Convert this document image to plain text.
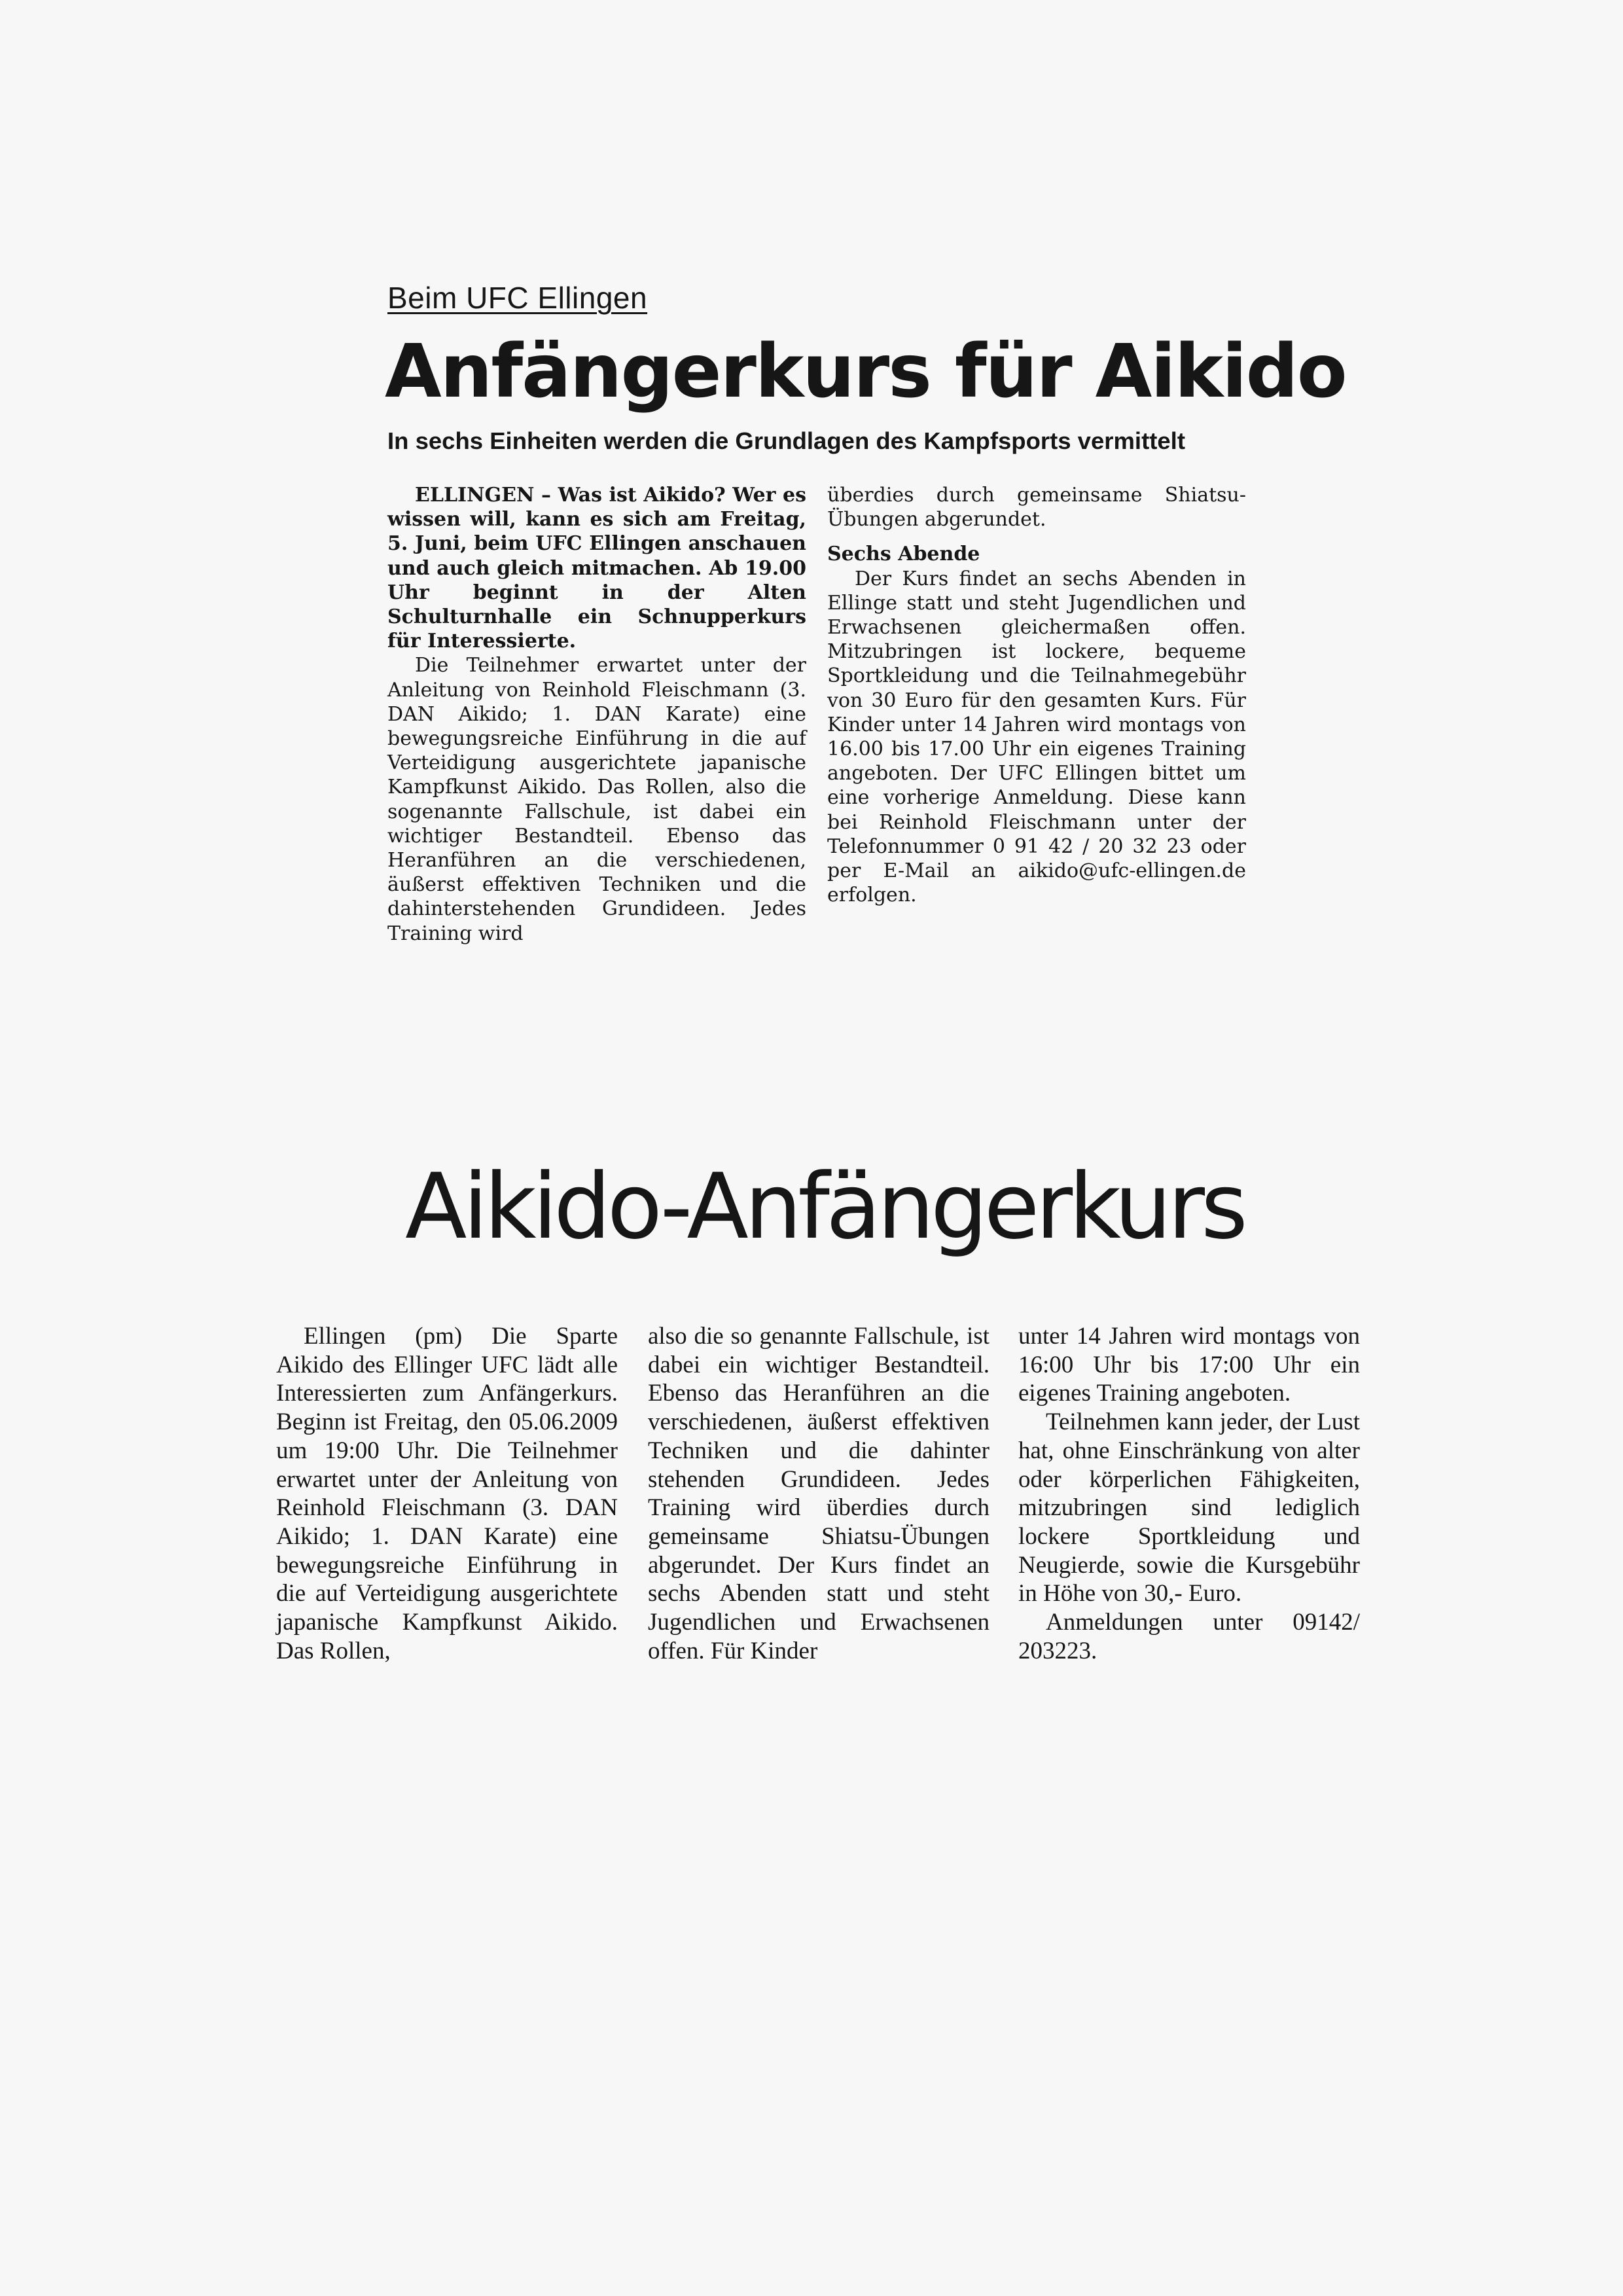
Beim UFC Ellingen
Anfängerkurs für Aikido
In sechs Einheiten werden die Grundlagen des Kampfsports vermittelt

ELLINGEN – Was ist Aikido? Wer es wissen will, kann es sich am Freitag, 5. Juni, beim UFC Ellingen anschauen und auch gleich mitmachen. Ab 19.00 Uhr beginnt in der Alten Schulturnhalle ein Schnupperkurs für Interessierte.

Die Teilnehmer erwartet unter der Anleitung von Reinhold Fleischmann (3. DAN Aikido; 1. DAN Karate) eine bewegungsreiche Einführung in die auf Verteidigung ausgerichtete japanische Kampfkunst Aikido. Das Rollen, also die sogenannte Fallschule, ist dabei ein wichtiger Bestandteil. Ebenso das Heranführen an die verschiedenen, äußerst effektiven Techniken und die dahinterstehenden Grundideen. Jedes Training wird

überdies durch gemeinsame Shiatsu-Übungen abgerundet.

Sechs Abende

Der Kurs findet an sechs Abenden in Ellinge statt und steht Jugendlichen und Erwachsenen gleichermaßen offen. Mitzubringen ist lockere, bequeme Sportkleidung und die Teilnahmegebühr von 30 Euro für den gesamten Kurs. Für Kinder unter 14 Jahren wird montags von 16.00 bis 17.00 Uhr ein eigenes Training angeboten. Der UFC Ellingen bittet um eine vorherige Anmeldung. Diese kann bei Reinhold Fleischmann unter der Telefonnummer 0 91 42 / 20 32 23 oder per E-Mail an aikido@ufc-ellingen.de erfolgen.

Aikido-Anfängerkurs

Ellingen (pm) Die Sparte Aikido des Ellinger UFC lädt alle Interessierten zum Anfängerkurs. Beginn ist Freitag, den 05.06.2009 um 19:00 Uhr. Die Teilnehmer erwartet unter der Anleitung von Reinhold Fleischmann (3. DAN Aikido; 1. DAN Karate) eine bewegungsreiche Einführung in die auf Verteidigung ausgerichtete japanische Kampfkunst Aikido. Das Rollen,

also die so genannte Fallschule, ist dabei ein wichtiger Bestandteil. Ebenso das Heranführen an die verschiedenen, äußerst effektiven Techniken und die dahinter stehenden Grundideen. Jedes Training wird überdies durch gemeinsame Shiatsu-Übungen abgerundet. Der Kurs findet an sechs Abenden statt und steht Jugendlichen und Erwachsenen offen. Für Kinder

unter 14 Jahren wird montags von 16:00 Uhr bis 17:00 Uhr ein eigenes Training angeboten.

Teilnehmen kann jeder, der Lust hat, ohne Einschränkung von alter oder körperlichen Fähigkeiten, mitzubringen sind lediglich lockere Sportkleidung und Neugierde, sowie die Kursgebühr in Höhe von 30,- Euro.

Anmeldungen unter 09142/ 203223.
